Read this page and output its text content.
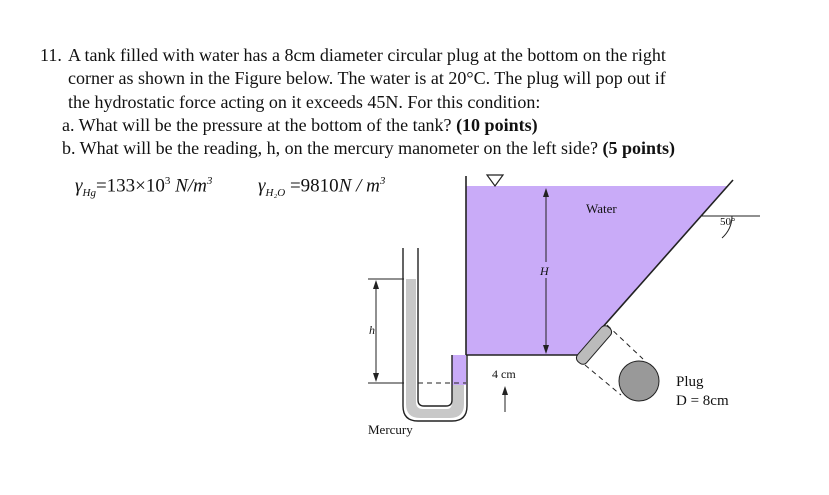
11. A tank filled with water has a 8cm diameter circular plug at the bottom on the right
corner as shown in the Figure below. The water is at 20°C. The plug will pop out if
the hydrostatic force acting on it exceeds 45N. For this condition:
a. What will be the pressure at the bottom of the tank? (10 points)
b. What will be the reading, h, on the mercury manometer on the left side? (5 points)
$\gamma_{Hg}=133\times 10^3$ $N/m^3$ $\gamma_{H_2O} =9810N / m^3$
50°
Water
H
Plug
D = 8cm
4 cm
h
Mercury
